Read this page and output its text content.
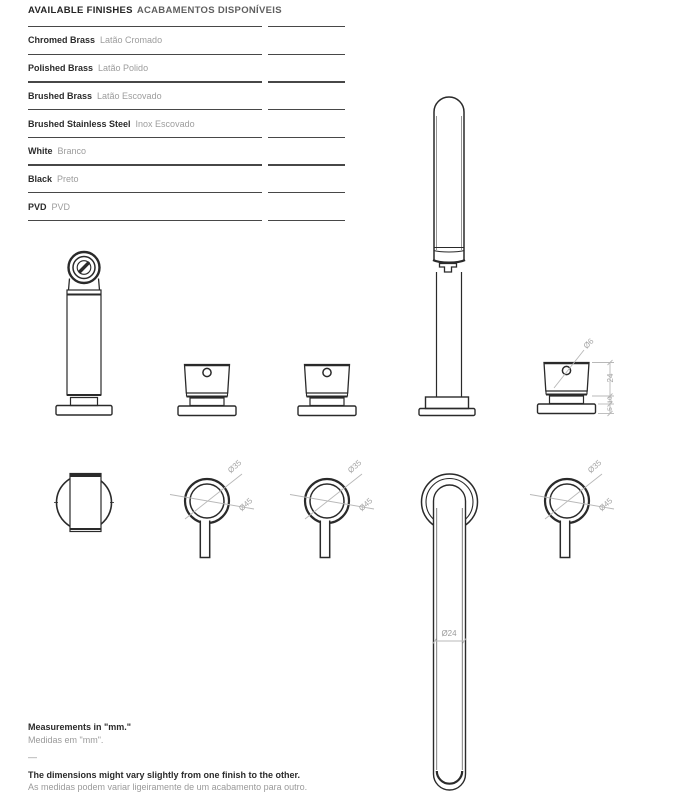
AVAILABLE FINISHES ACABAMENTOS DISPONÍVEIS
Chromed Brass Latão Cromado
Polished Brass Latão Polido
Brushed Brass Latão Escovado
Brushed Stainless Steel Inox Escovado
White Branco
Black Preto
PVD PVD
Ø6
24
10
5
Ø35
Ø45
Ø35
Ø45
Ø35
Ø45
Ø24
Measurements in "mm."
Medidas em "mm".
—
The dimensions might vary slightly from one finish to the other.
As medidas podem variar ligeiramente de um acabamento para outro.
